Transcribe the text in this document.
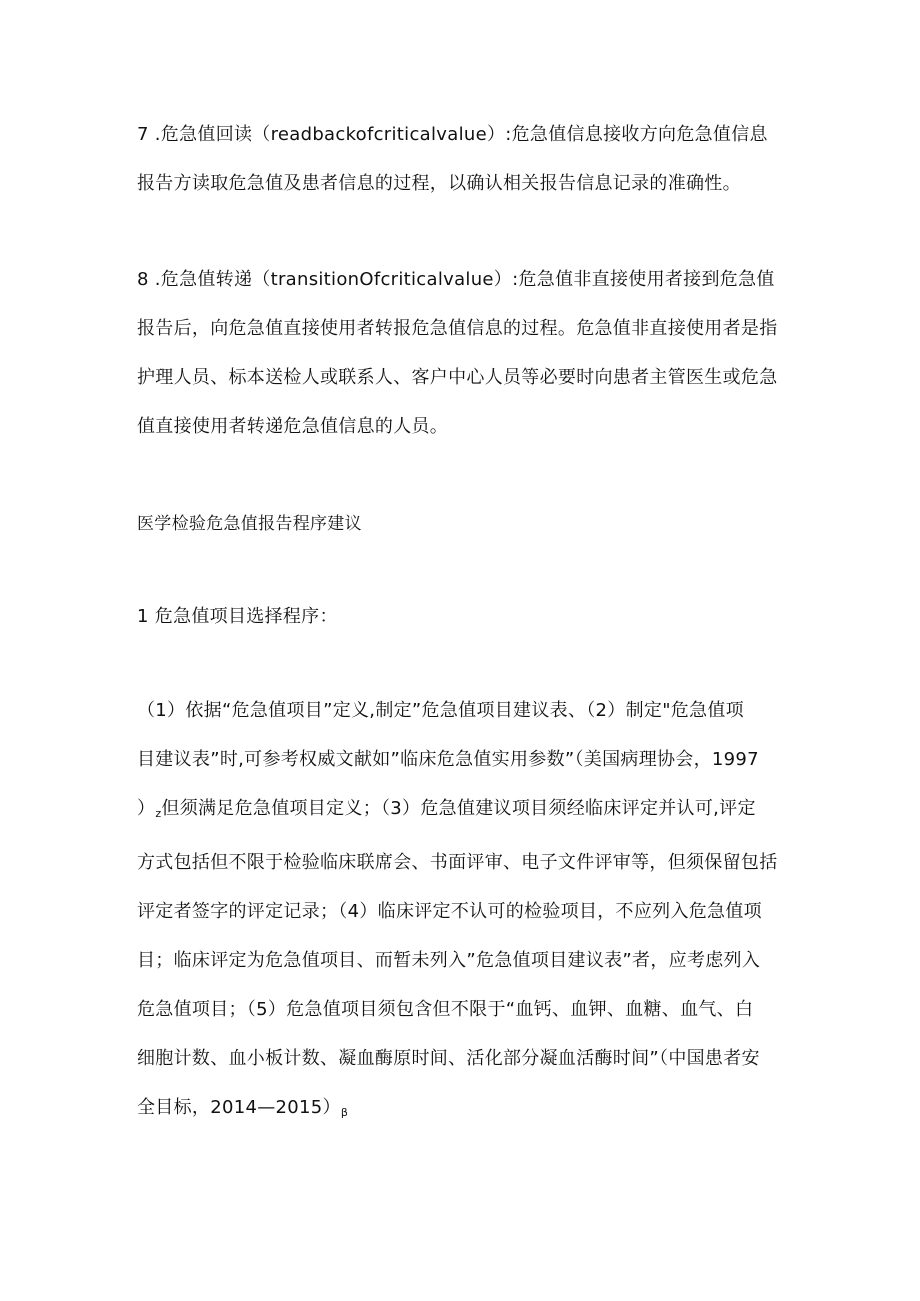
7 .危急值回读（readbackofcriticalvalue）:危急值信息接收方向危急值信息
报告方读取危急值及患者信息的过程，以确认相关报告信息记录的准确性。

8 .危急值转递（transitionOfcriticalvalue）:危急值非直接使用者接到危急值
报告后，向危急值直接使用者转报危急值信息的过程。危急值非直接使用者是指
护理人员、标本送检人或联系人、客户中心人员等必要时向患者主管医生或危急
值直接使用者转递危急值信息的人员。

医学检验危急值报告程序建议

1 危急值项目选择程序：

（1）依据“危急值项目”定义,制定”危急值项目建议表、（2）制定"危急值项
目建议表”时,可参考权威文献如”临床危急值实用参数”（美国病理协会，1997
）z但须满足危急值项目定义；（3）危急值建议项目须经临床评定并认可,评定
方式包括但不限于检验临床联席会、书面评审、电子文件评审等，但须保留包括
评定者签字的评定记录；（4）临床评定不认可的检验项目，不应列入危急值项
目；临床评定为危急值项目、而暂未列入”危急值项目建议表”者，应考虑列入
危急值项目；（5）危急值项目须包含但不限于“血钙、血钾、血糖、血气、白
细胞计数、血小板计数、凝血酶原时间、活化部分凝血活酶时间”（中国患者安
全目标，2014—2015）β
